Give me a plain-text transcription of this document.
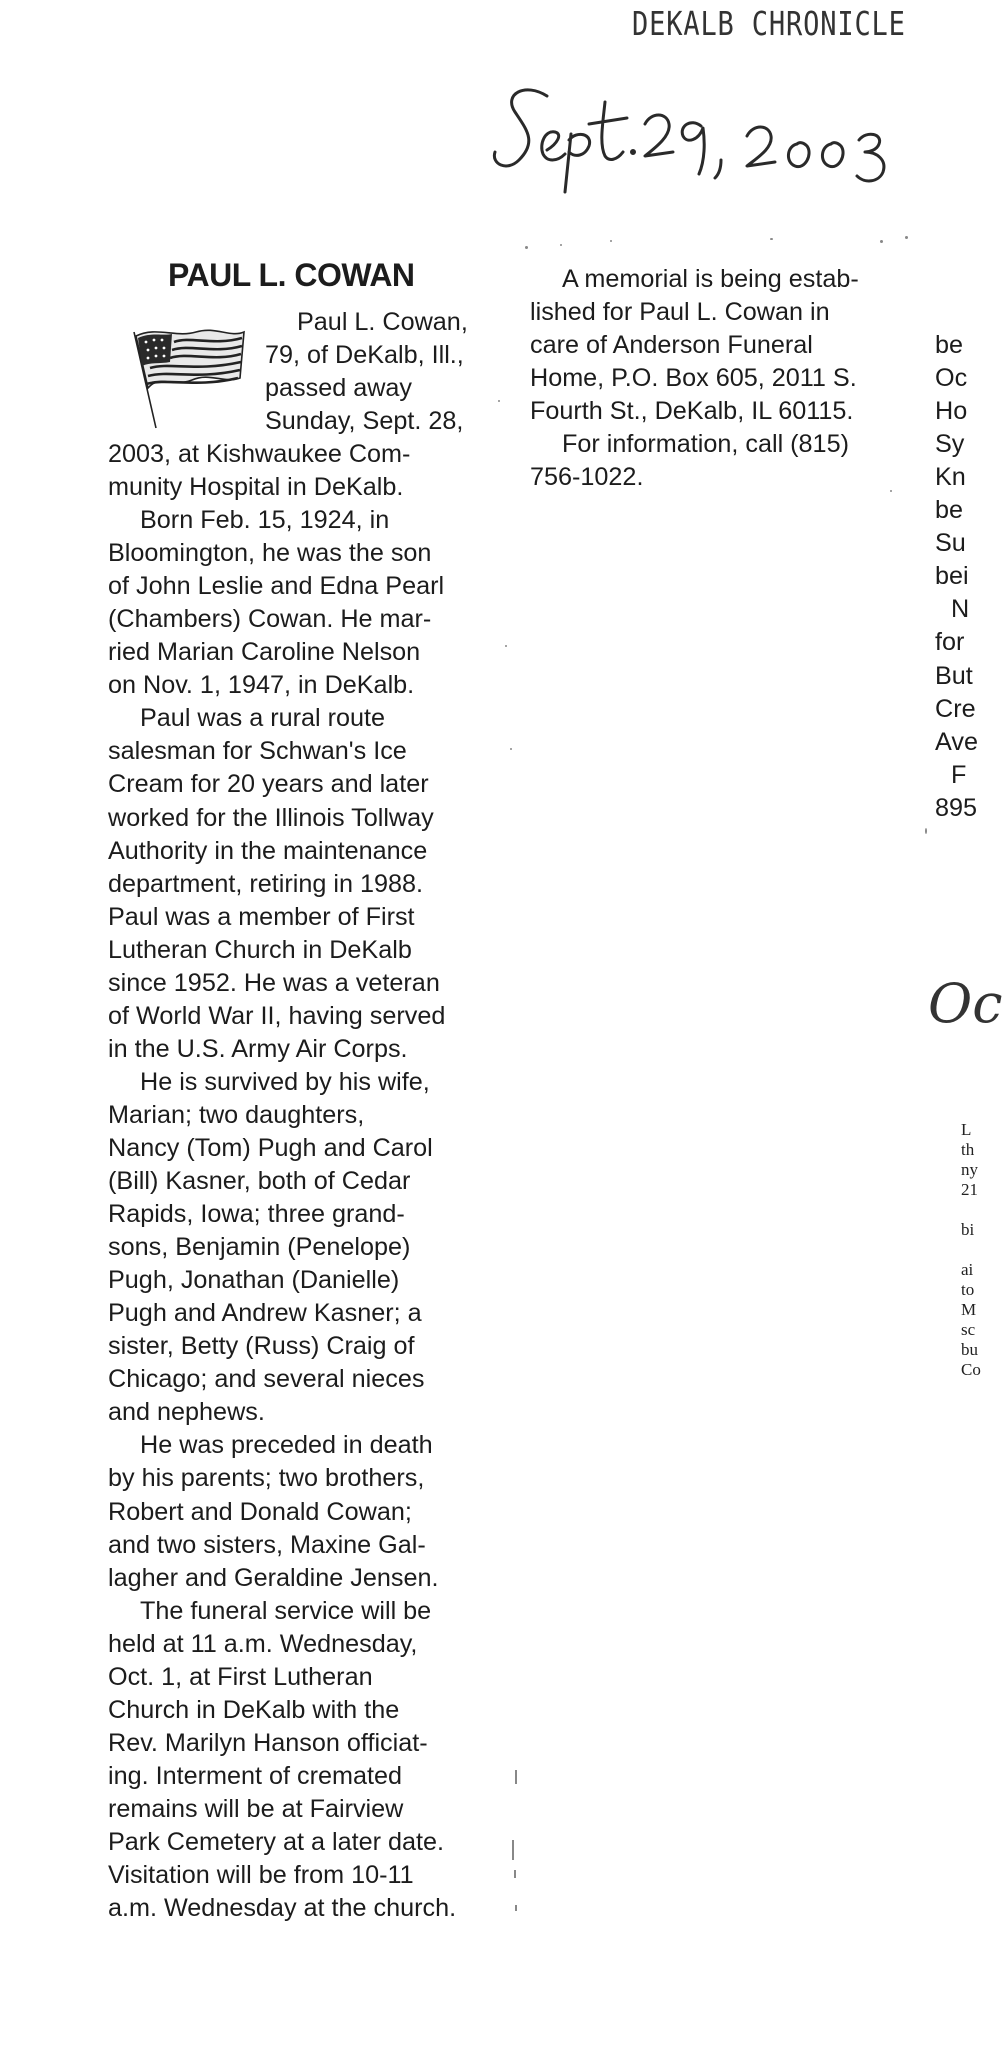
DEKALB CHRONICLE
PAUL L. COWAN
Paul L. Cowan,
79, of DeKalb, Ill.,
passed away
Sunday, Sept. 28,
2003, at Kishwaukee Com-
munity Hospital in DeKalb.
Born Feb. 15, 1924, in
Bloomington, he was the son
of John Leslie and Edna Pearl
(Chambers) Cowan. He mar-
ried Marian Caroline Nelson
on Nov. 1, 1947, in DeKalb.
Paul was a rural route
salesman for Schwan's Ice
Cream for 20 years and later
worked for the Illinois Tollway
Authority in the maintenance
department, retiring in 1988.
Paul was a member of First
Lutheran Church in DeKalb
since 1952. He was a veteran
of World War II, having served
in the U.S. Army Air Corps.
He is survived by his wife,
Marian; two daughters,
Nancy (Tom) Pugh and Carol
(Bill) Kasner, both of Cedar
Rapids, Iowa; three grand-
sons, Benjamin (Penelope)
Pugh, Jonathan (Danielle)
Pugh and Andrew Kasner; a
sister, Betty (Russ) Craig of
Chicago; and several nieces
and nephews.
He was preceded in death
by his parents; two brothers,
Robert and Donald Cowan;
and two sisters, Maxine Gal-
lagher and Geraldine Jensen.
The funeral service will be
held at 11 a.m. Wednesday,
Oct. 1, at First Lutheran
Church in DeKalb with the
Rev. Marilyn Hanson officiat-
ing. Interment of cremated
remains will be at Fairview
Park Cemetery at a later date.
Visitation will be from 10-11
a.m. Wednesday at the church.
A memorial is being estab-
lished for Paul L. Cowan in
care of Anderson Funeral
Home, P.O. Box 605, 2011 S.
Fourth St., DeKalb, IL 60115.
For information, call (815)
756-1022.
be
Oc
Ho
Sy
Kn
be
Su
bei
N
for
But
Cre
Ave
F
895
Oc
L
th
ny
21
bi
ai
to
M
sc
bu
Co
